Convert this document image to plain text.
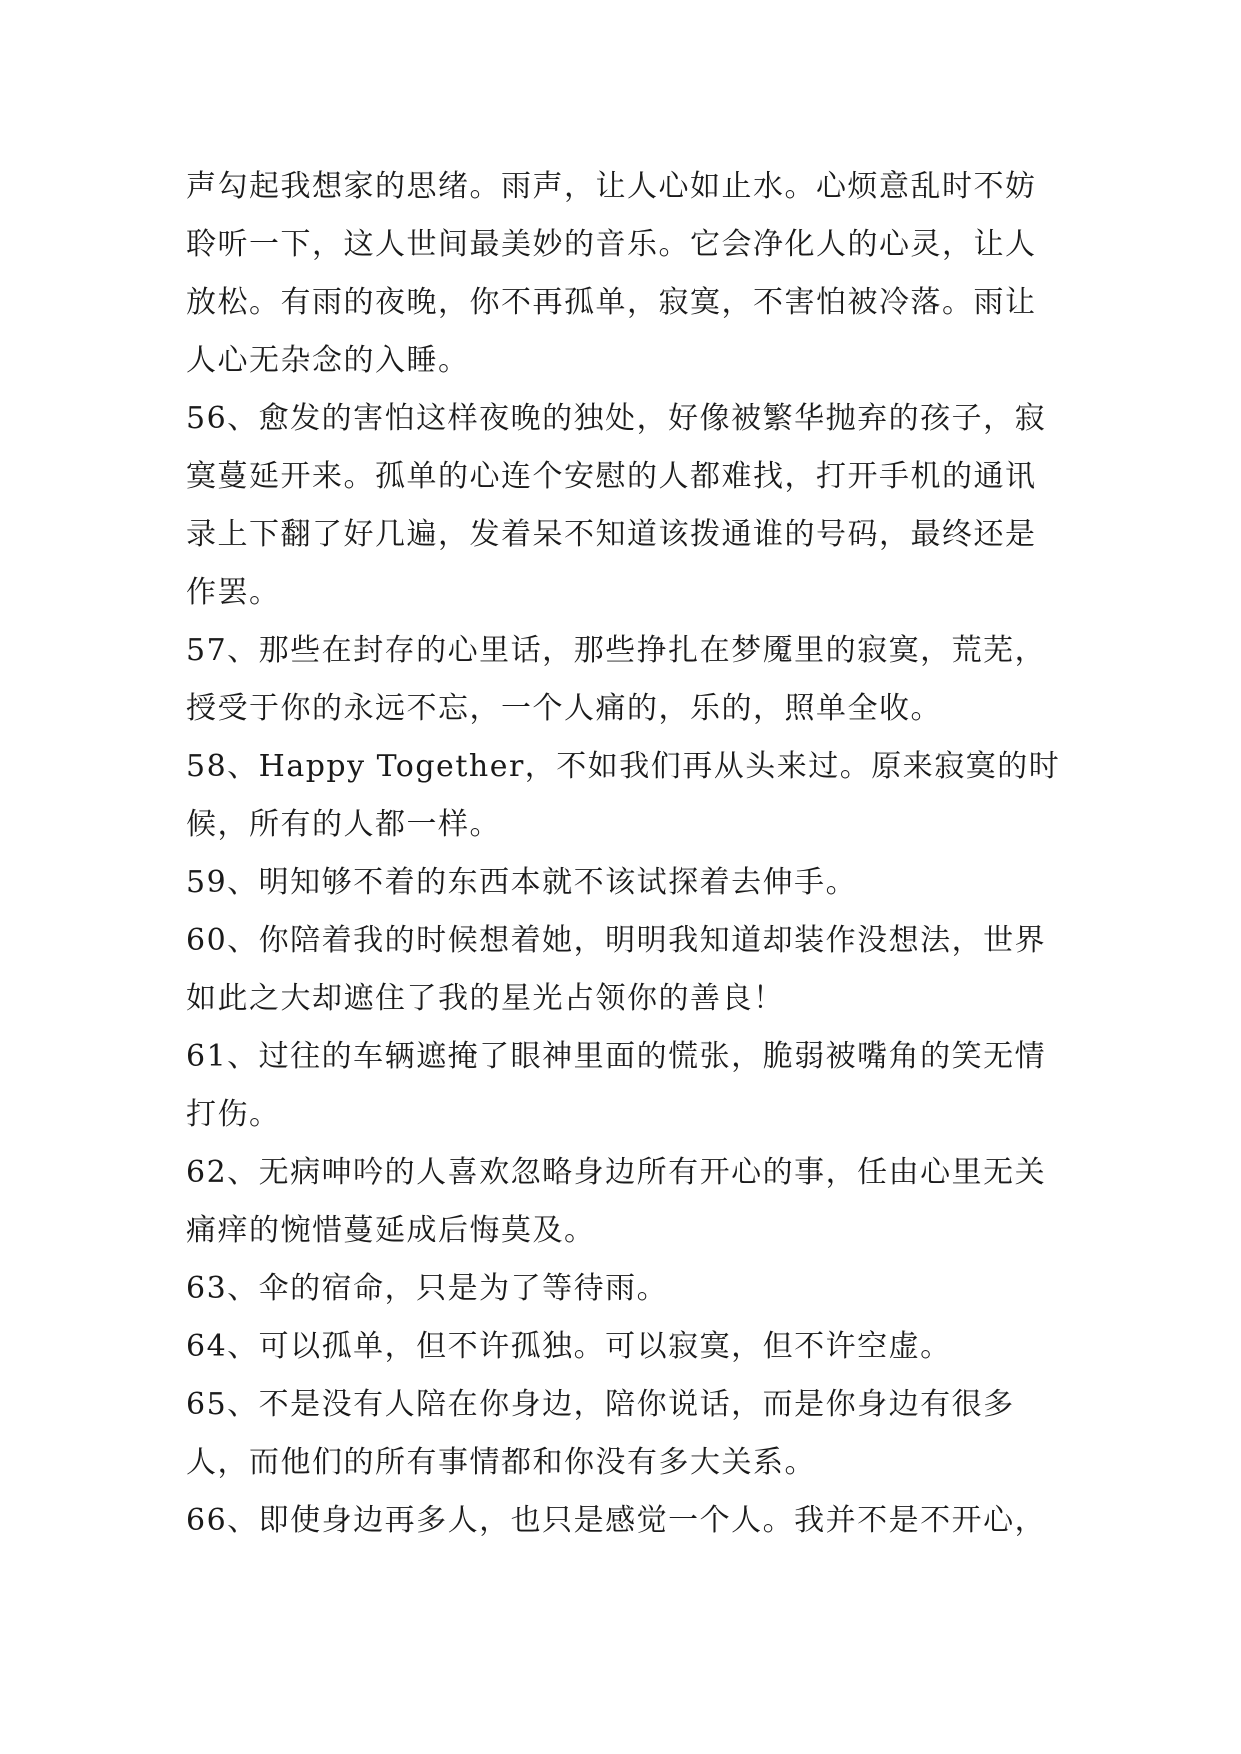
声勾起我想家的思绪。雨声，让人心如止水。心烦意乱时不妨聆听一下，这人世间最美妙的音乐。它会净化人的心灵，让人放松。有雨的夜晚，你不再孤单，寂寞，不害怕被冷落。雨让人心无杂念的入睡。

56、愈发的害怕这样夜晚的独处，好像被繁华抛弃的孩子，寂寞蔓延开来。孤单的心连个安慰的人都难找，打开手机的通讯录上下翻了好几遍，发着呆不知道该拨通谁的号码，最终还是作罢。

57、那些在封存的心里话，那些挣扎在梦魇里的寂寞，荒芜，授受于你的永远不忘，一个人痛的，乐的，照单全收。

58、Happy Together，不如我们再从头来过。原来寂寞的时候，所有的人都一样。

59、明知够不着的东西本就不该试探着去伸手。

60、你陪着我的时候想着她，明明我知道却装作没想法，世界如此之大却遮住了我的星光占领你的善良！

61、过往的车辆遮掩了眼神里面的慌张，脆弱被嘴角的笑无情打伤。

62、无病呻吟的人喜欢忽略身边所有开心的事，任由心里无关痛痒的惋惜蔓延成后悔莫及。

63、伞的宿命，只是为了等待雨。

64、可以孤单，但不许孤独。可以寂寞，但不许空虚。

65、不是没有人陪在你身边，陪你说话，而是你身边有很多人，而他们的所有事情都和你没有多大关系。

66、即使身边再多人，也只是感觉一个人。我并不是不开心，
